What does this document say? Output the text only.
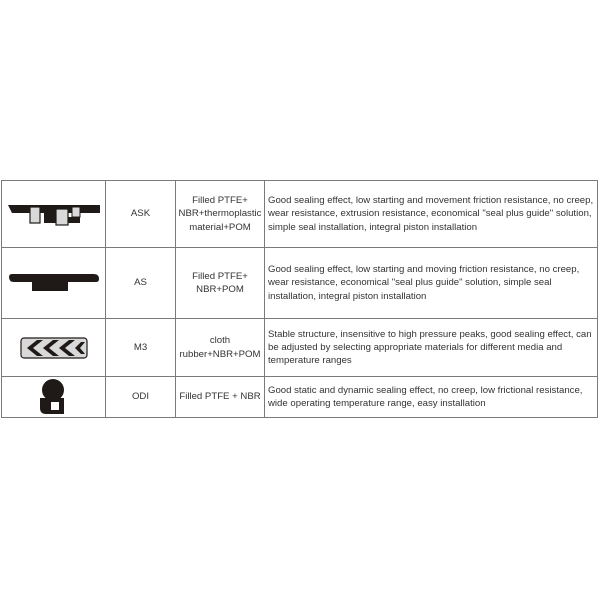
	ASK	Filled PTFE+ NBR+thermoplastic material+POM	Good sealing effect, low starting and movement friction resistance, no creep, wear resistance, extrusion resistance, economical "seal plus guide" solution, simple seal installation, integral piston installation

	AS	Filled PTFE+ NBR+POM	Good sealing effect, low starting and moving friction resistance, no creep, wear resistance, economical "seal plus guide" solution, simple seal installation, integral piston installation

	M3	cloth rubber+NBR+POM	Stable structure, insensitive to high pressure peaks, good sealing effect, can be adjusted by selecting appropriate materials for different media and temperature ranges

	ODI	Filled PTFE + NBR	Good static and dynamic sealing effect, no creep, low frictional resistance, wide operating temperature range, easy installation
